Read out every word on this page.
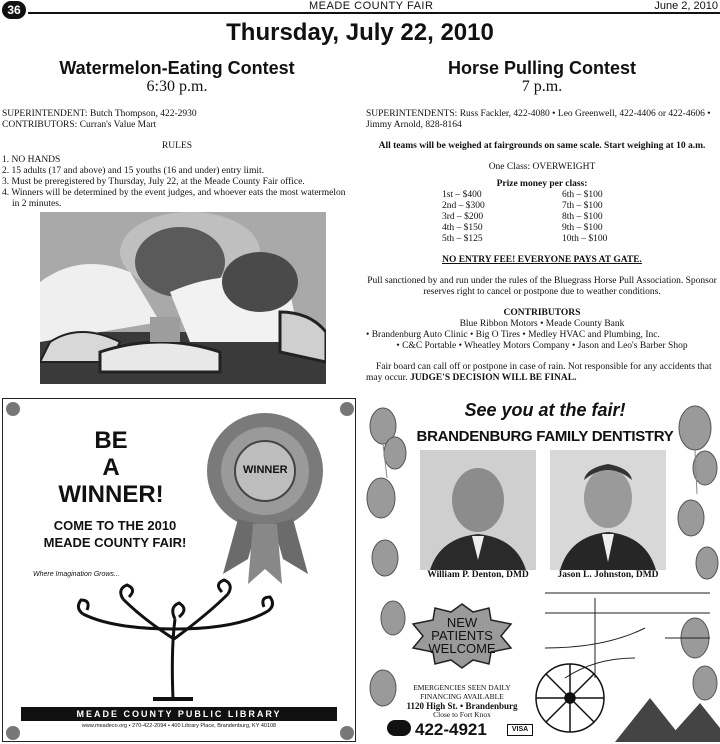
36	MEADE COUNTY FAIR	June 2, 2010
Thursday, July 22, 2010
Watermelon-Eating Contest
6:30 p.m.
SUPERINTENDENT: Butch Thompson, 422-2930
CONTRIBUTORS: Curran's Value Mart
RULES
1. NO HANDS
2. 15 adults (17 and above) and 15 youths (16 and under) entry limit.
3. Must be preregistered by Thursday, July 22, at the Meade County Fair office.
4. Winners will be determined by the event judges, and whoever eats the most watermelon in 2 minutes.
Horse Pulling Contest
7 p.m.
SUPERINTENDENTS: Russ Fackler, 422-4080 • Leo Greenwell, 422-4406 or 422-4606 • Jimmy Arnold, 828-8164
All teams will be weighed at fairgrounds on same scale. Start weighing at 10 a.m.
One Class: OVERWEIGHT
Prize money per class:
1st – $400	6th – $100
2nd – $300	7th – $100
3rd – $200	8th – $100
4th – $150	9th – $100
5th – $125	10th – $100
NO ENTRY FEE! EVERYONE PAYS AT GATE.
Pull sanctioned by and run under the rules of the Bluegrass Horse Pull Association. Sponsor reserves right to cancel or postpone due to weather conditions.
CONTRIBUTORS
Blue Ribbon Motors • Meade County Bank
• Brandenburg Auto Clinic • Big O Tires • Medley HVAC and Plumbing, Inc.
• C&C Portable • Wheatley Motors Company • Jason and Leo's Barber Shop
Fair board can call off or postpone in case of rain. Not responsible for any accidents that may occur. JUDGE'S DECISION WILL BE FINAL.
BE
A
WINNER!
COME TO THE 2010
MEADE COUNTY FAIR!
WINNER
Where Imagination Grows...
MEADE COUNTY PUBLIC LIBRARY
www.meadeco.org • 270-422-2094 • 400 Library Place, Brandenburg, KY 40108
See you at the fair!
BRANDENBURG FAMILY DENTISTRY
William P. Denton, DMD	Jason L. Johnston, DMD
NEW
PATIENTS
WELCOME
EMERGENCIES SEEN DAILY
FINANCING AVAILABLE
1120 High St. • Brandenburg
Close to Fort Knox
422-4921	VISA
